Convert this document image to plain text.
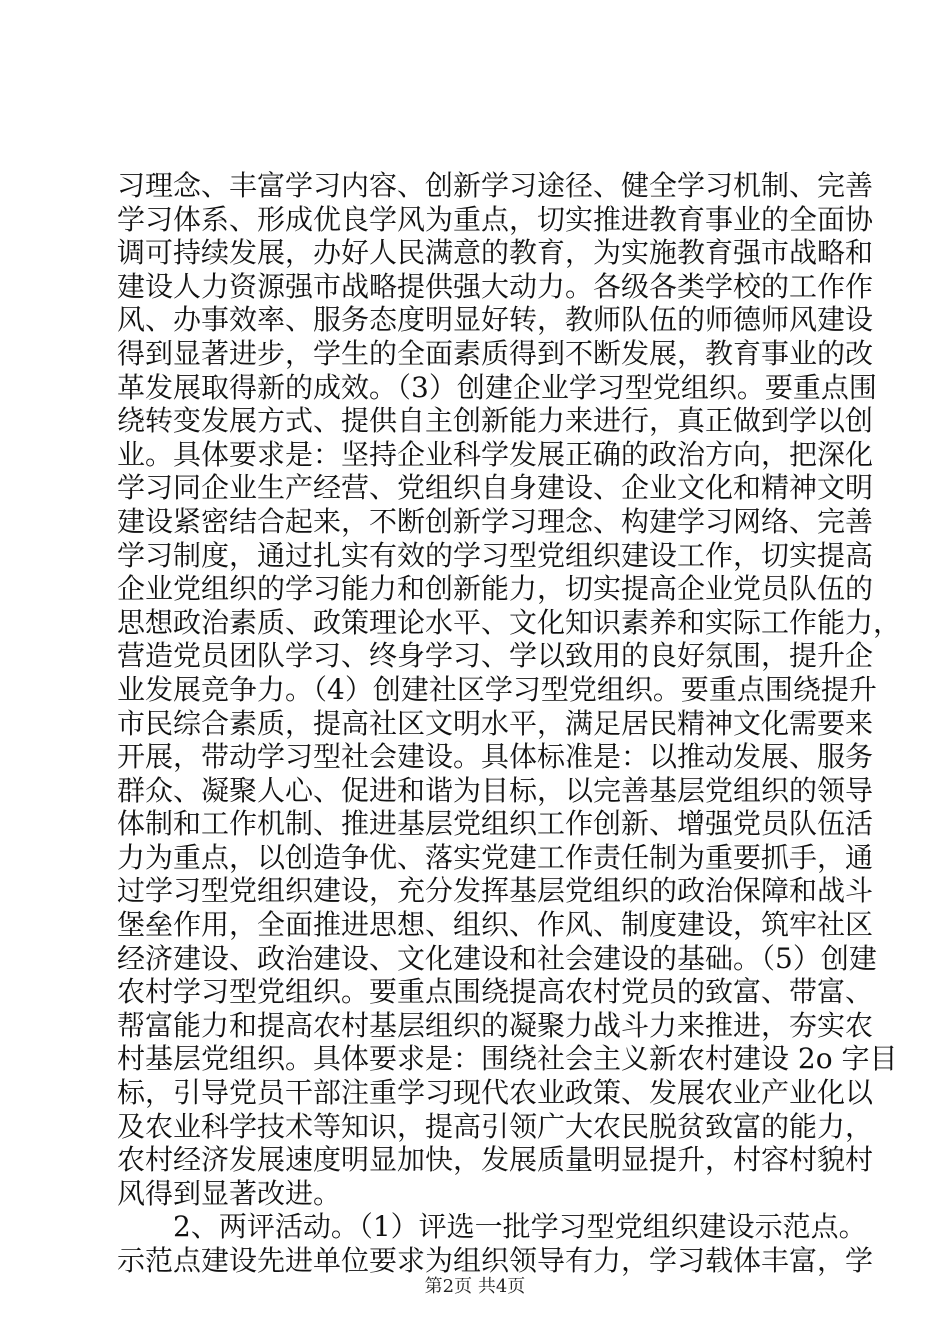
习理念、丰富学习内容、创新学习途径、健全学习机制、完善
学习体系、形成优良学风为重点，切实推进教育事业的全面协
调可持续发展，办好人民满意的教育，为实施教育强市战略和
建设人力资源强市战略提供强大动力。各级各类学校的工作作
风、办事效率、服务态度明显好转，教师队伍的师德师风建设
得到显著进步，学生的全面素质得到不断发展，教育事业的改
革发展取得新的成效。（3）创建企业学习型党组织。要重点围
绕转变发展方式、提供自主创新能力来进行，真正做到学以创
业。具体要求是：坚持企业科学发展正确的政治方向，把深化
学习同企业生产经营、党组织自身建设、企业文化和精神文明
建设紧密结合起来，不断创新学习理念、构建学习网络、完善
学习制度，通过扎实有效的学习型党组织建设工作，切实提高
企业党组织的学习能力和创新能力，切实提高企业党员队伍的
思想政治素质、政策理论水平、文化知识素养和实际工作能力，
营造党员团队学习、终身学习、学以致用的良好氛围，提升企
业发展竞争力。（4）创建社区学习型党组织。要重点围绕提升
市民综合素质，提高社区文明水平，满足居民精神文化需要来
开展，带动学习型社会建设。具体标准是：以推动发展、服务
群众、凝聚人心、促进和谐为目标，以完善基层党组织的领导
体制和工作机制、推进基层党组织工作创新、增强党员队伍活
力为重点，以创造争优、落实党建工作责任制为重要抓手，通
过学习型党组织建设，充分发挥基层党组织的政治保障和战斗
堡垒作用，全面推进思想、组织、作风、制度建设，筑牢社区
经济建设、政治建设、文化建设和社会建设的基础。（5）创建
农村学习型党组织。要重点围绕提高农村党员的致富、带富、
帮富能力和提高农村基层组织的凝聚力战斗力来推进，夯实农
村基层党组织。具体要求是：围绕社会主义新农村建设 2o 字目
标，引导党员干部注重学习现代农业政策、发展农业产业化以
及农业科学技术等知识，提高引领广大农民脱贫致富的能力，
农村经济发展速度明显加快，发展质量明显提升，村容村貌村
风得到显著改进。
2、两评活动。（1）评选一批学习型党组织建设示范点。
示范点建设先进单位要求为组织领导有力，学习载体丰富，学
第2页 共4页
